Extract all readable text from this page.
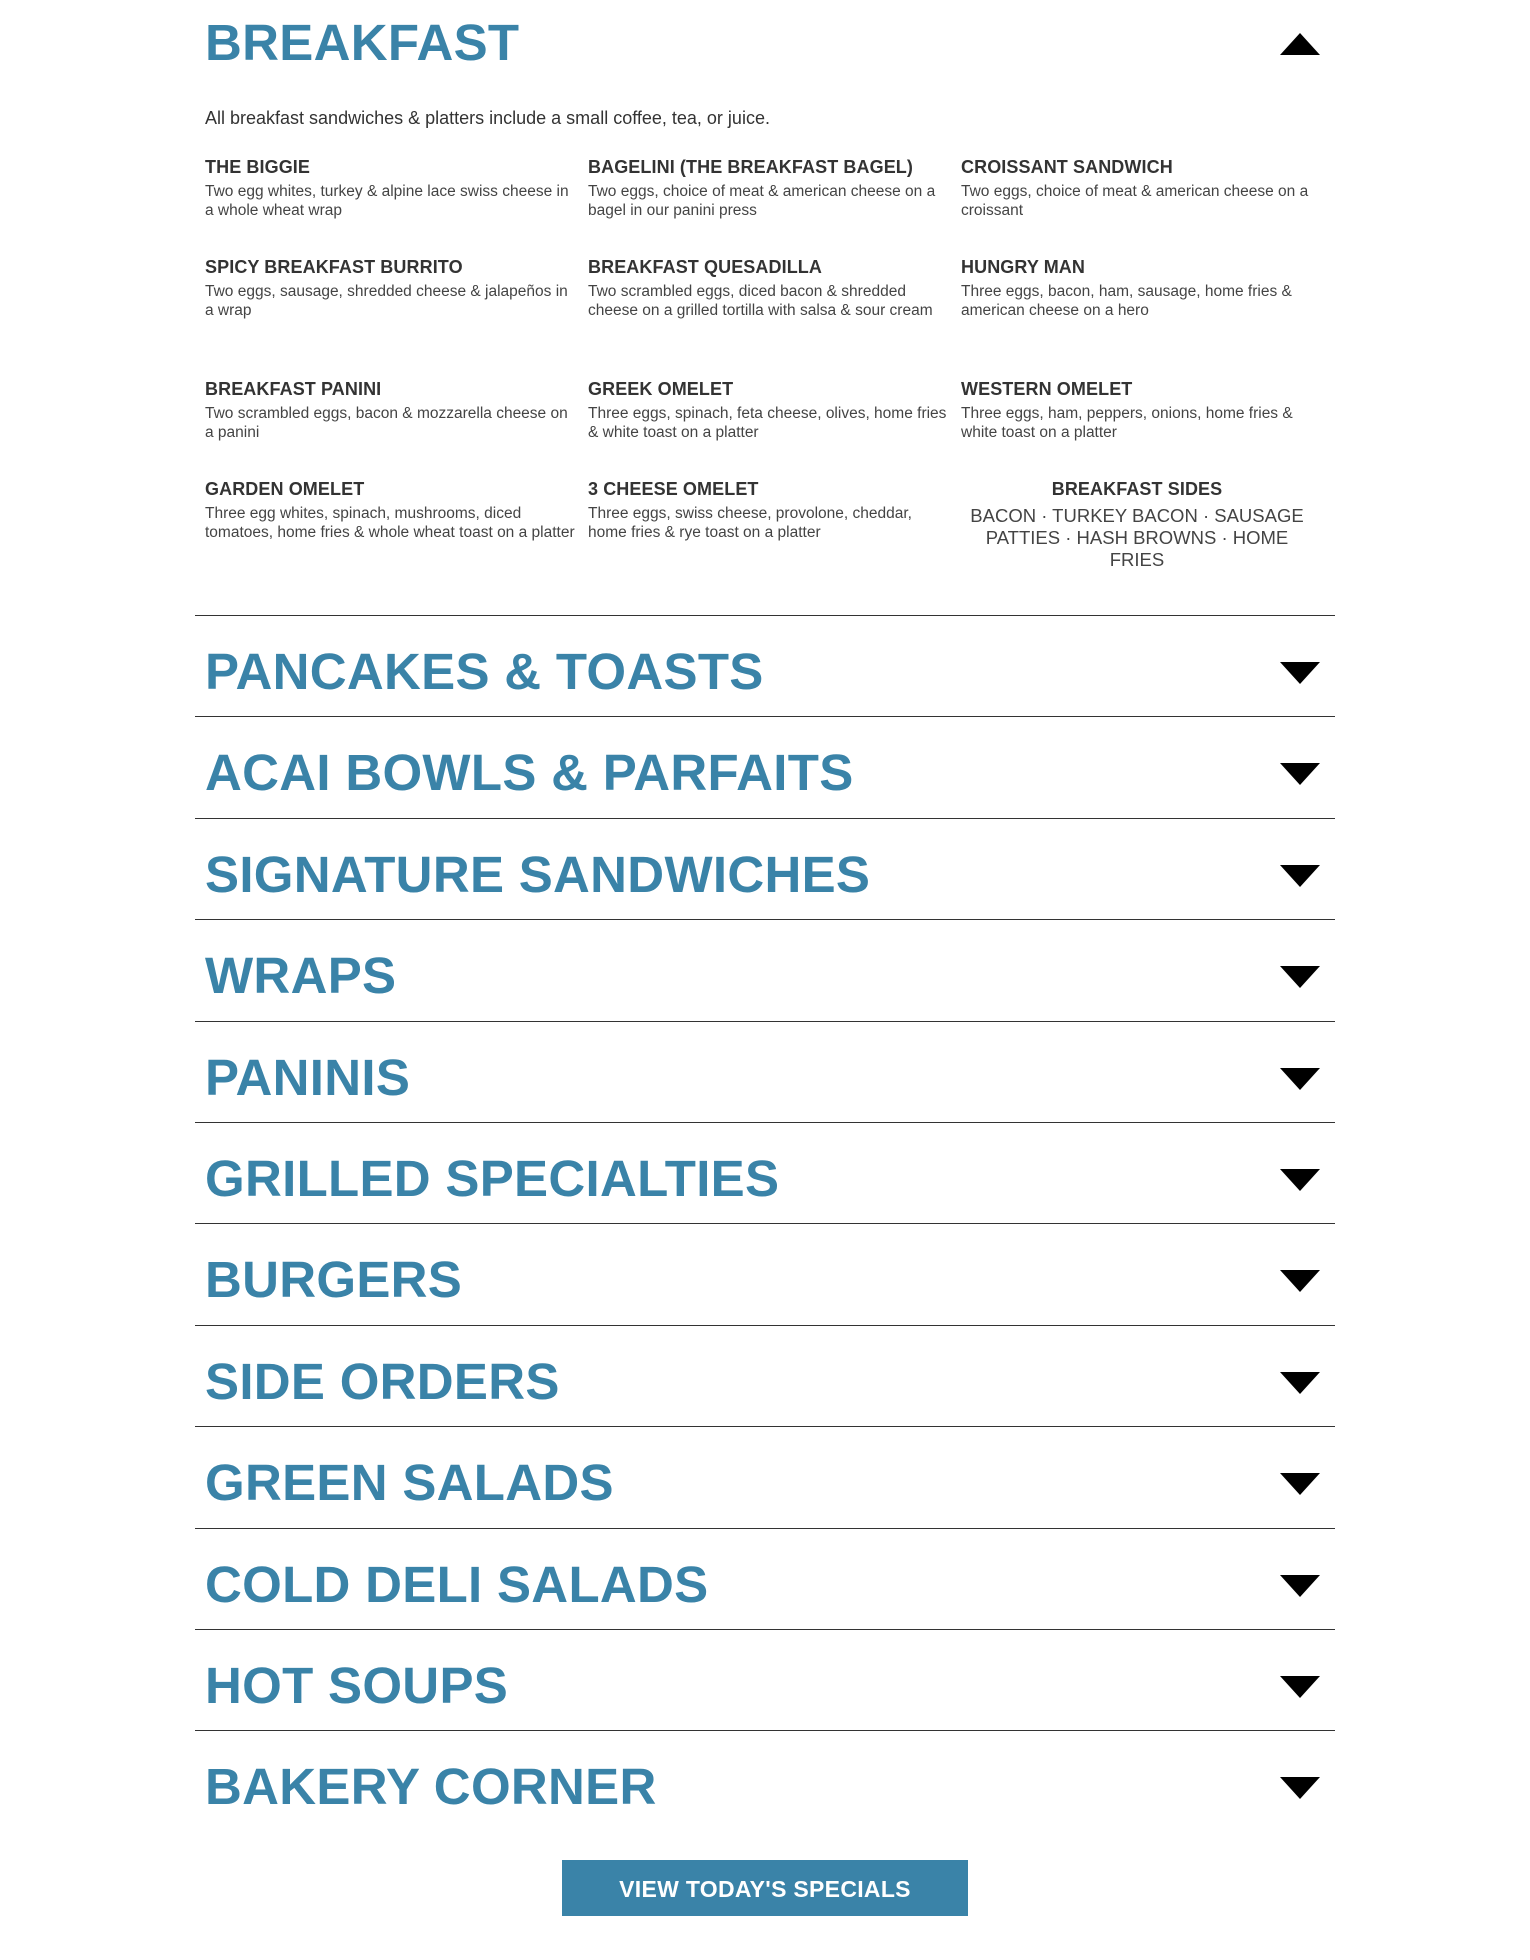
BREAKFAST

All breakfast sandwiches & platters include a small coffee, tea, or juice.

THE BIGGIE
Two egg whites, turkey & alpine lace swiss cheese in a whole wheat wrap
BAGELINI (THE BREAKFAST BAGEL)
Two eggs, choice of meat & american cheese on a bagel in our panini press
CROISSANT SANDWICH
Two eggs, choice of meat & american cheese on a croissant
SPICY BREAKFAST BURRITO
Two eggs, sausage, shredded cheese & jalapeños in a wrap
BREAKFAST QUESADILLA
Two scrambled eggs, diced bacon & shredded cheese on a grilled tortilla with salsa & sour cream
HUNGRY MAN
Three eggs, bacon, ham, sausage, home fries & american cheese on a hero
BREAKFAST PANINI
Two scrambled eggs, bacon & mozzarella cheese on a panini
GREEK OMELET
Three eggs, spinach, feta cheese, olives, home fries & white toast on a platter
WESTERN OMELET
Three eggs, ham, peppers, onions, home fries & white toast on a platter
GARDEN OMELET
Three egg whites, spinach, mushrooms, diced tomatoes, home fries & whole wheat toast on a platter
3 CHEESE OMELET
Three eggs, swiss cheese, provolone, cheddar, home fries & rye toast on a platter
BREAKFAST SIDES
BACON · TURKEY BACON · SAUSAGE PATTIES · HASH BROWNS · HOME FRIES
PANCAKES & TOASTS
ACAI BOWLS & PARFAITS
SIGNATURE SANDWICHES
WRAPS
PANINIS
GRILLED SPECIALTIES
BURGERS
SIDE ORDERS
GREEN SALADS
COLD DELI SALADS
HOT SOUPS
BAKERY CORNER
VIEW TODAY'S SPECIALS
